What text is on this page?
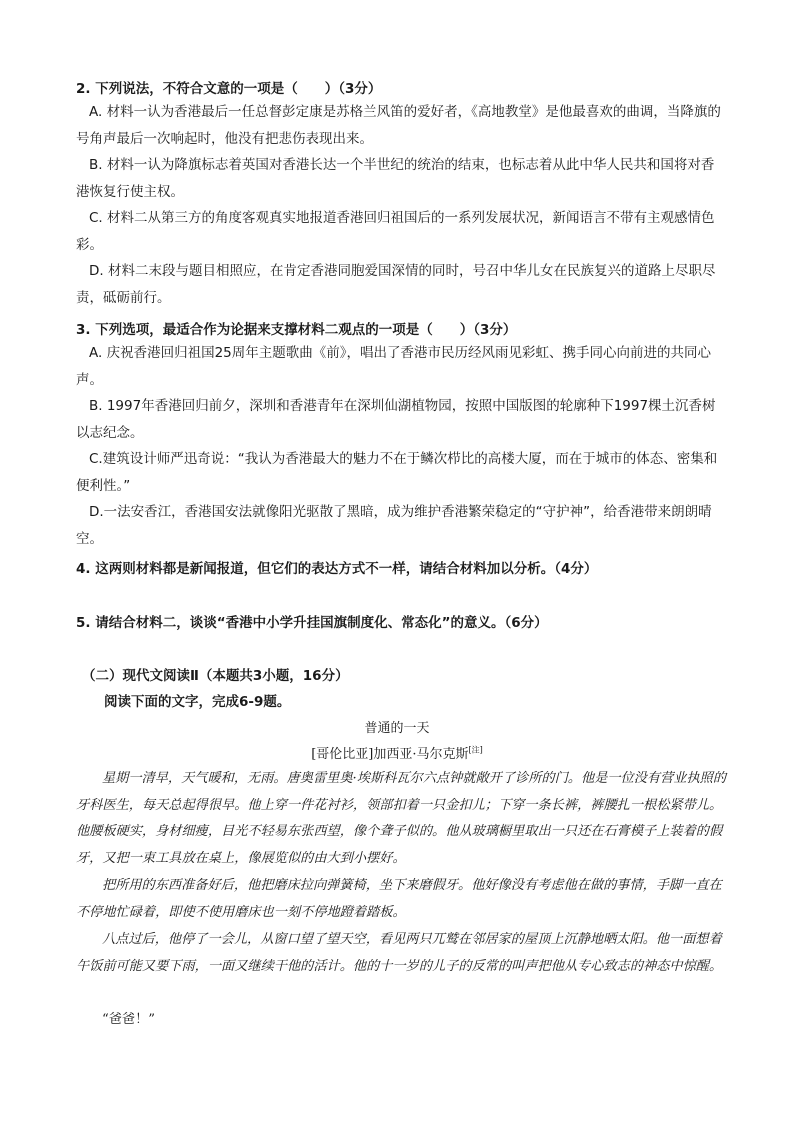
2. 下列说法，不符合文意的一项是（　　）（3分）
A. 材料一认为香港最后一任总督彭定康是苏格兰风笛的爱好者，《高地教堂》是他最喜欢的曲调，当降旗的号角声最后一次响起时，他没有把悲伤表现出来。
B. 材料一认为降旗标志着英国对香港长达一个半世纪的统治的结束，也标志着从此中华人民共和国将对香港恢复行使主权。
C. 材料二从第三方的角度客观真实地报道香港回归祖国后的一系列发展状况，新闻语言不带有主观感情色彩。
D. 材料二末段与题目相照应，在肯定香港同胞爱国深情的同时，号召中华儿女在民族复兴的道路上尽职尽责，砥砺前行。
3. 下列选项，最适合作为论据来支撑材料二观点的一项是（　　）（3分）
A. 庆祝香港回归祖国25周年主题歌曲《前》，唱出了香港市民历经风雨见彩虹、携手同心向前进的共同心声。
B. 1997年香港回归前夕，深圳和香港青年在深圳仙湖植物园，按照中国版图的轮廓种下1997棵土沉香树以志纪念。
C.建筑设计师严迅奇说：“我认为香港最大的魅力不在于鳞次栉比的高楼大厦，而在于城市的体态、密集和便利性。”
D.一法安香江，香港国安法就像阳光驱散了黑暗，成为维护香港繁荣稳定的“守护神”，给香港带来朗朗晴空。
4. 这两则材料都是新闻报道，但它们的表达方式不一样，请结合材料加以分析。（4分）
5. 请结合材料二，谈谈“香港中小学升挂国旗制度化、常态化”的意义。（6分）
（二）现代文阅读Ⅱ（本题共3小题，16分）
阅读下面的文字，完成6-9题。
普通的一天
[哥伦比亚]加西亚·马尔克斯[注]
星期一清早，天气暖和，无雨。唐奥雷里奥·埃斯科瓦尔六点钟就敞开了诊所的门。他是一位没有营业执照的牙科医生，每天总起得很早。他上穿一件花衬衫，领部扣着一只金扣儿；下穿一条长裤，裤腰扎一根松紧带儿。他腰板硬实，身材细瘦，目光不轻易东张西望，像个聋子似的。他从玻璃橱里取出一只还在石膏模子上装着的假牙，又把一束工具放在桌上，像展览似的由大到小摆好。
把所用的东西准备好后，他把磨床拉向弹簧椅，坐下来磨假牙。他好像没有考虑他在做的事情，手脚一直在不停地忙碌着，即使不使用磨床也一刻不停地蹬着踏板。
八点过后，他停了一会儿，从窗口望了望天空，看见两只兀鹫在邻居家的屋顶上沉静地晒太阳。他一面想着午饭前可能又要下雨，一面又继续干他的活计。他的十一岁的儿子的反常的叫声把他从专心致志的神态中惊醒。
“爸爸！”
